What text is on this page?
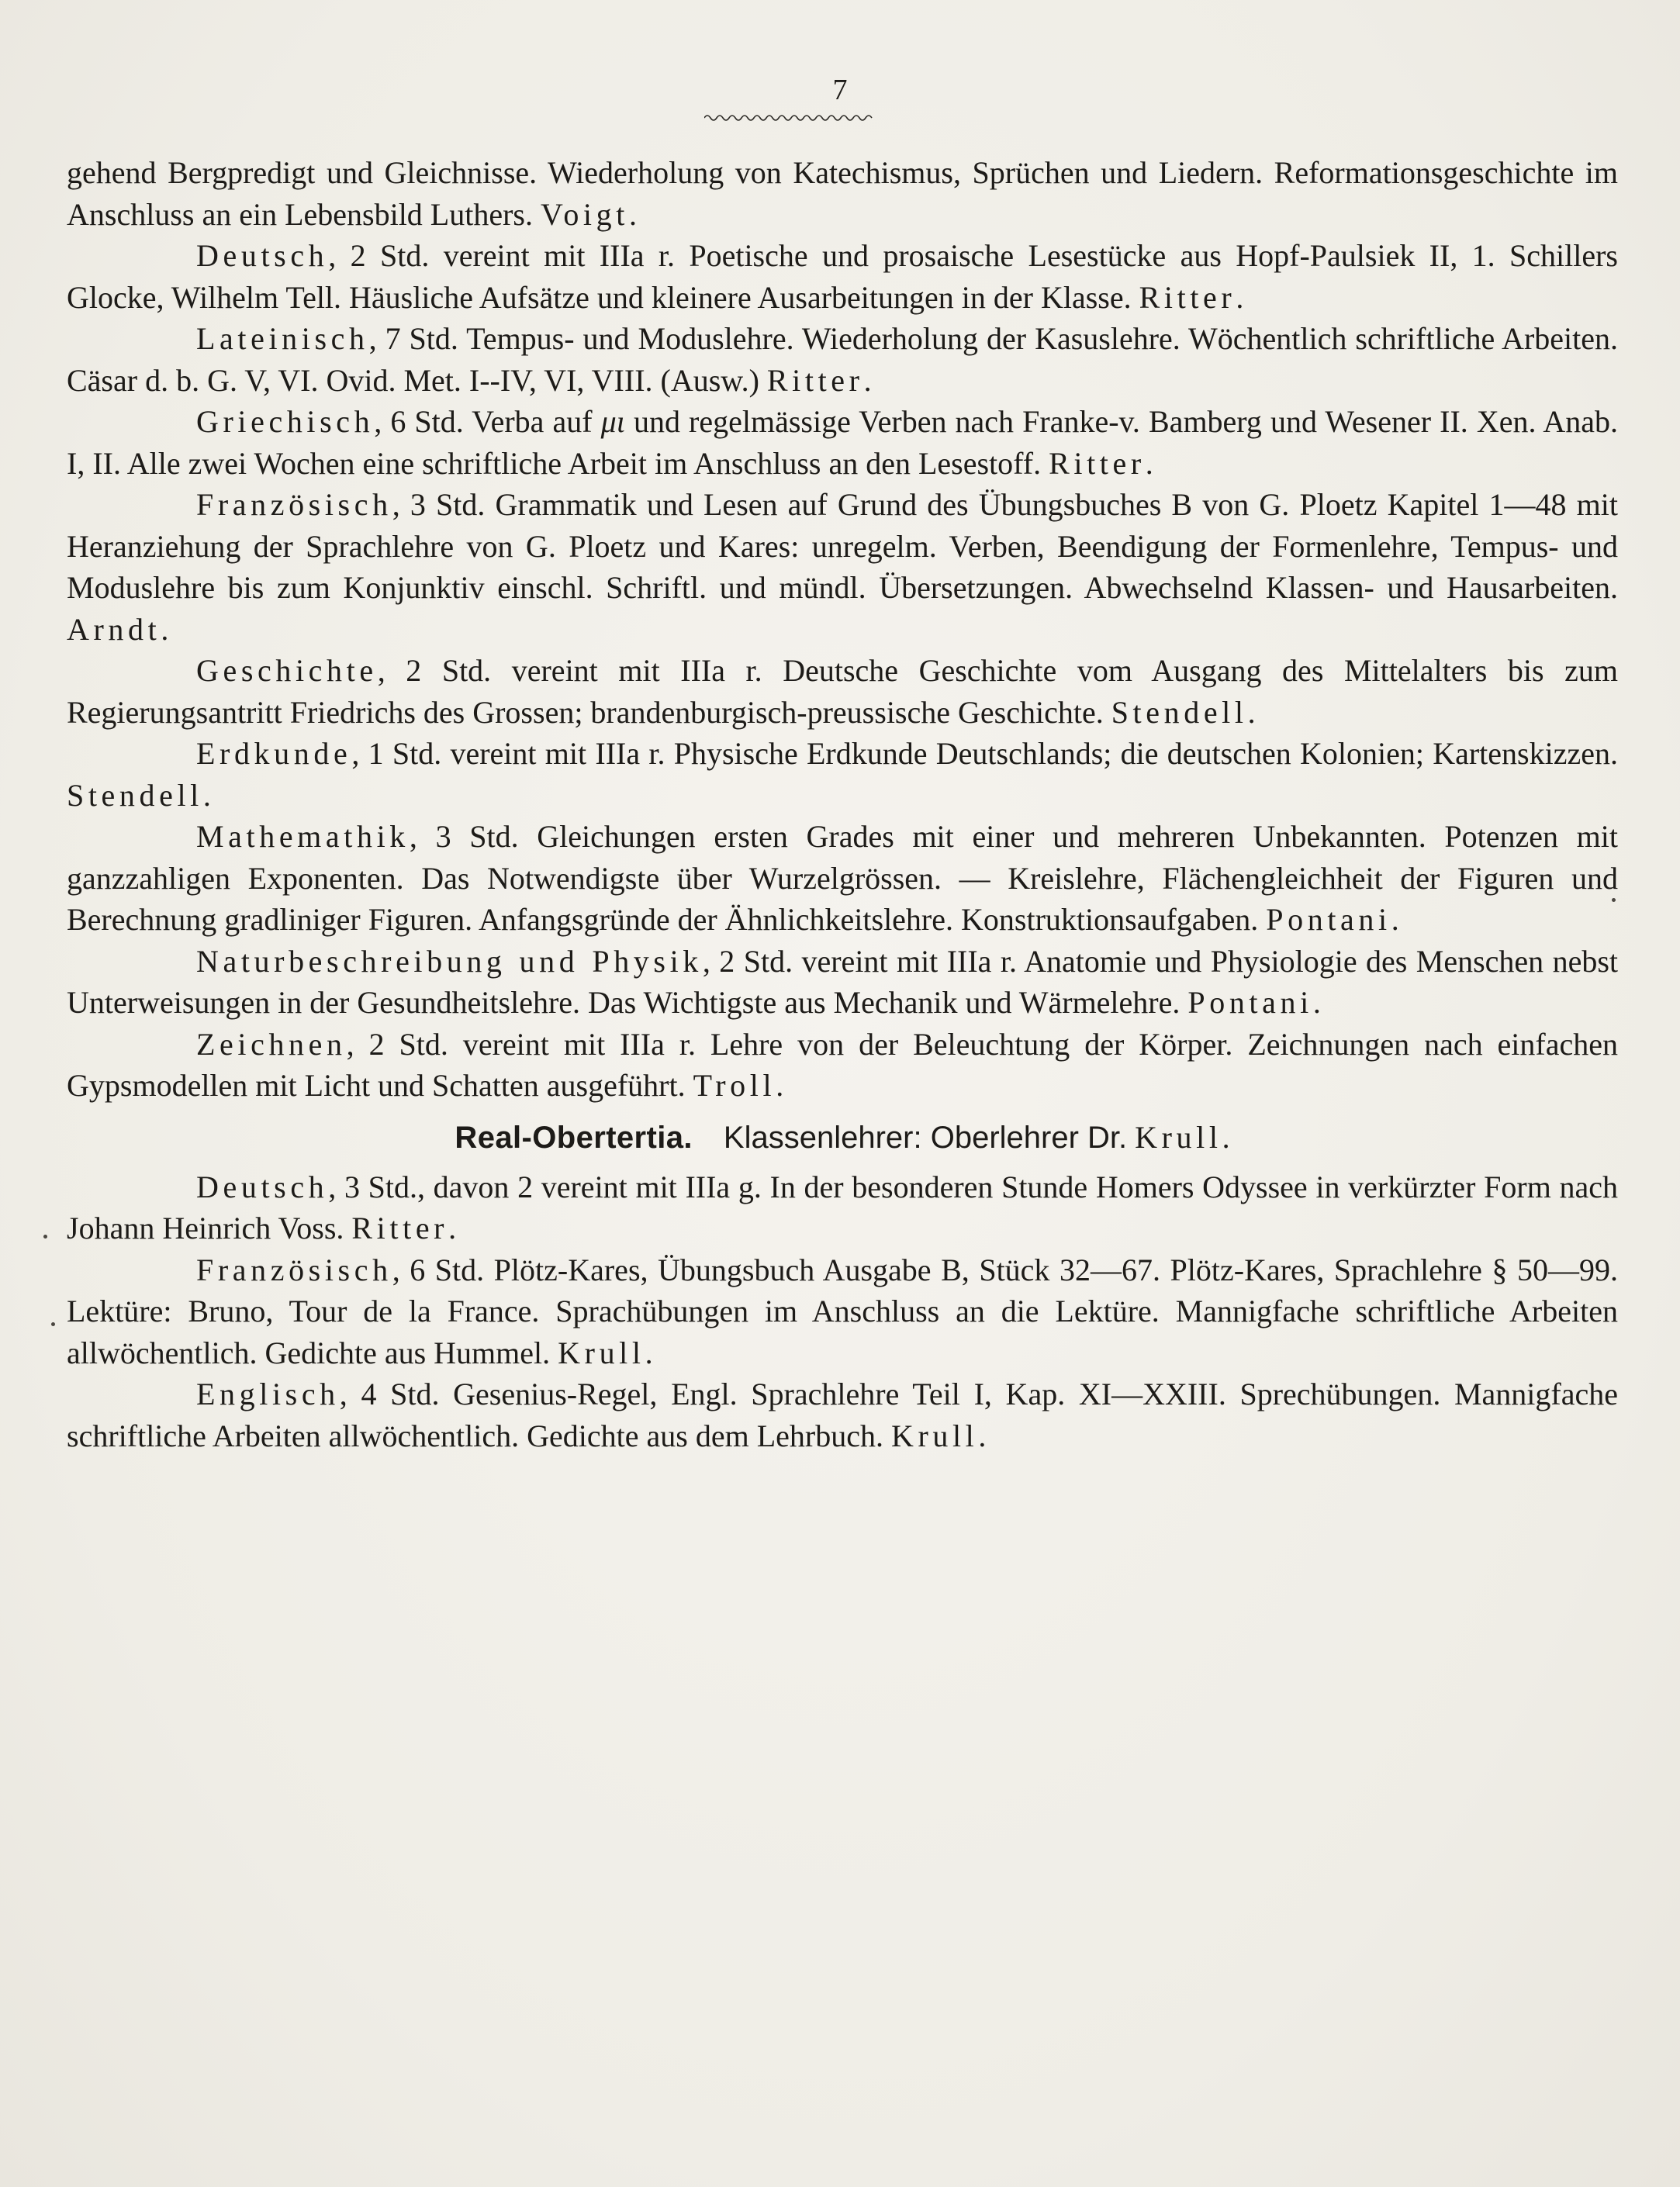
7

gehend Bergpredigt und Gleichnisse. Wiederholung von Katechismus, Sprüchen und Liedern. Reformationsgeschichte im Anschluss an ein Lebensbild Luthers. Voigt.

Deutsch, 2 Std. vereint mit IIIa r. Poetische und prosaische Lesestücke aus Hopf-Paulsiek II, 1. Schillers Glocke, Wilhelm Tell. Häusliche Aufsätze und kleinere Ausarbeitungen in der Klasse. Ritter.

Lateinisch, 7 Std. Tempus- und Moduslehre. Wiederholung der Kasuslehre. Wöchentlich schriftliche Arbeiten. Cäsar d. b. G. V, VI. Ovid. Met. I--IV, VI, VIII. (Ausw.) Ritter.

Griechisch, 6 Std. Verba auf μι und regelmässige Verben nach Franke-v. Bamberg und Wesener II. Xen. Anab. I, II. Alle zwei Wochen eine schriftliche Arbeit im Anschluss an den Lesestoff. Ritter.

Französisch, 3 Std. Grammatik und Lesen auf Grund des Übungsbuches B von G. Ploetz Kapitel 1—48 mit Heranziehung der Sprachlehre von G. Ploetz und Kares: unregelm. Verben, Beendigung der Formenlehre, Tempus- und Moduslehre bis zum Konjunktiv einschl. Schriftl. und mündl. Übersetzungen. Abwechselnd Klassen- und Hausarbeiten. Arndt.

Geschichte, 2 Std. vereint mit IIIa r. Deutsche Geschichte vom Ausgang des Mittelalters bis zum Regierungsantritt Friedrichs des Grossen; brandenburgisch-preussische Geschichte. Stendell.

Erdkunde, 1 Std. vereint mit IIIa r. Physische Erdkunde Deutschlands; die deutschen Kolonien; Kartenskizzen. Stendell.

Mathemathik, 3 Std. Gleichungen ersten Grades mit einer und mehreren Unbekannten. Potenzen mit ganzzahligen Exponenten. Das Notwendigste über Wurzelgrössen. — Kreislehre, Flächengleichheit der Figuren und Berechnung gradliniger Figuren. Anfangsgründe der Ähnlichkeitslehre. Konstruktionsaufgaben. Pontani.

Naturbeschreibung und Physik, 2 Std. vereint mit IIIa r. Anatomie und Physiologie des Menschen nebst Unterweisungen in der Gesundheitslehre. Das Wichtigste aus Mechanik und Wärmelehre. Pontani.

Zeichnen, 2 Std. vereint mit IIIa r. Lehre von der Beleuchtung der Körper. Zeichnungen nach einfachen Gypsmodellen mit Licht und Schatten ausgeführt. Troll.

Real-Obertertia. Klassenlehrer: Oberlehrer Dr. Krull.

Deutsch, 3 Std., davon 2 vereint mit IIIa g. In der besonderen Stunde Homers Odyssee in verkürzter Form nach Johann Heinrich Voss. Ritter.

Französisch, 6 Std. Plötz-Kares, Übungsbuch Ausgabe B, Stück 32—67. Plötz-Kares, Sprachlehre § 50—99. Lektüre: Bruno, Tour de la France. Sprachübungen im Anschluss an die Lektüre. Mannigfache schriftliche Arbeiten allwöchentlich. Gedichte aus Hummel. Krull.

Englisch, 4 Std. Gesenius-Regel, Engl. Sprachlehre Teil I, Kap. XI—XXIII. Sprechübungen. Mannigfache schriftliche Arbeiten allwöchentlich. Gedichte aus dem Lehrbuch. Krull.
